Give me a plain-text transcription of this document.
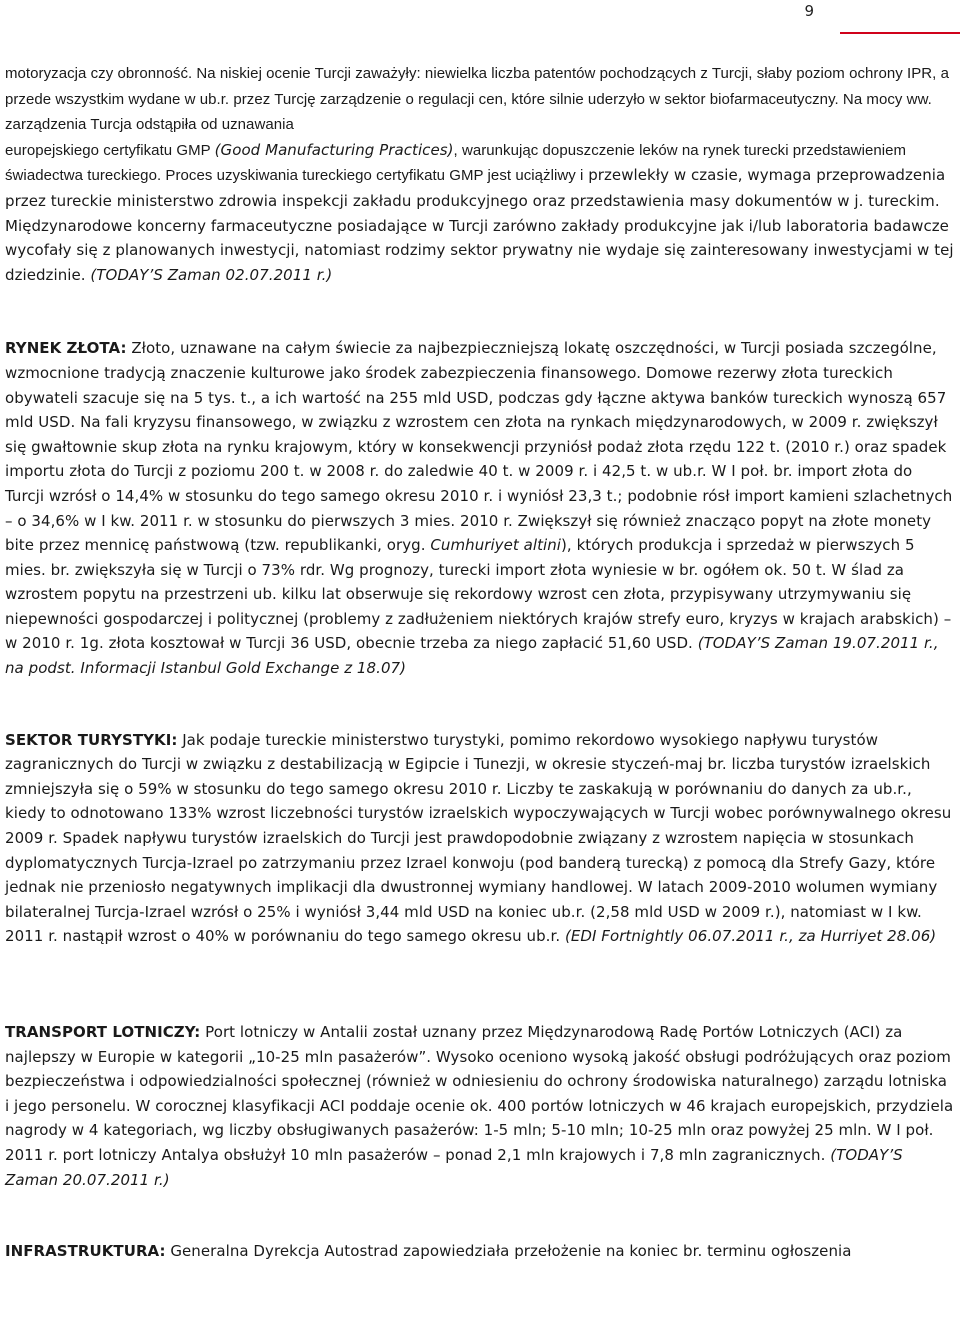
9

motoryzacja czy obronność. Na niskiej ocenie Turcji zaważyły: niewielka liczba patentów pochodzących z Turcji, słaby poziom ochrony IPR, a przede wszystkim wydane w ub.r. przez Turcję zarządzenie o regulacji cen, które silnie uderzyło w sektor biofarmaceutyczny. Na mocy ww. zarządzenia Turcja odstąpiła od uznawania
europejskiego certyfikatu GMP (Good Manufacturing Practices), warunkując dopuszczenie leków na rynek turecki przedstawieniem świadectwa tureckiego. Proces uzyskiwania tureckiego certyfikatu GMP jest uciążliwy i przewlekły w czasie, wymaga przeprowadzenia przez tureckie ministerstwo zdrowia inspekcji zakładu produkcyjnego oraz przedstawienia masy dokumentów w j. tureckim. Międzynarodowe koncerny farmaceutyczne posiadające w Turcji zarówno zakłady produkcyjne jak i/lub laboratoria badawcze wycofały się z planowanych inwestycji, natomiast rodzimy sektor prywatny nie wydaje się zainteresowany inwestycjami w tej dziedzinie. (TODAY’S Zaman 02.07.2011 r.)

RYNEK ZŁOTA: Złoto, uznawane na całym świecie za najbezpieczniejszą lokatę oszczędności, w Turcji posiada szczególne, wzmocnione tradycją znaczenie kulturowe jako środek zabezpieczenia finansowego. Domowe rezerwy złota tureckich obywateli szacuje się na 5 tys. t., a ich wartość na 255 mld USD, podczas gdy łączne aktywa banków tureckich wynoszą 657 mld USD. Na fali kryzysu finansowego, w związku z wzrostem cen złota na rynkach międzynarodowych, w 2009 r. zwiększył się gwałtownie skup złota na rynku krajowym, który w konsekwencji przyniósł podaż złota rzędu 122 t. (2010 r.) oraz spadek importu złota do Turcji z poziomu 200 t. w 2008 r. do zaledwie 40 t. w 2009 r. i 42,5 t. w ub.r. W I poł. br. import złota do Turcji wzrósł o 14,4% w stosunku do tego samego okresu 2010 r. i wyniósł 23,3 t.; podobnie rósł import kamieni szlachetnych – o 34,6% w I kw. 2011 r. w stosunku do pierwszych 3 mies. 2010 r. Zwiększył się również znacząco popyt na złote monety bite przez mennicę państwową (tzw. republikanki, oryg. Cumhuriyet altini), których produkcja i sprzedaż w pierwszych 5 mies. br. zwiększyła się w Turcji o 73% rdr. Wg prognozy, turecki import złota wyniesie w br. ogółem ok. 50 t. W ślad za wzrostem popytu na przestrzeni ub. kilku lat obserwuje się rekordowy wzrost cen złota, przypisywany utrzymywaniu się niepewności gospodarczej i politycznej (problemy z zadłużeniem niektórych krajów strefy euro, kryzys w krajach arabskich) – w 2010 r. 1g. złota kosztował w Turcji 36 USD, obecnie trzeba za niego zapłacić 51,60 USD. (TODAY’S Zaman 19.07.2011 r., na podst. Informacji Istanbul Gold Exchange z 18.07)

SEKTOR TURYSTYKI: Jak podaje tureckie ministerstwo turystyki, pomimo rekordowo wysokiego napływu turystów zagranicznych do Turcji w związku z destabilizacją w Egipcie i Tunezji, w okresie styczeń-maj br. liczba turystów izraelskich zmniejszyła się o 59% w stosunku do tego samego okresu 2010 r. Liczby te zaskakują w porównaniu do danych za ub.r., kiedy to odnotowano 133% wzrost liczebności turystów izraelskich wypoczywających w Turcji wobec porównywalnego okresu 2009 r. Spadek napływu turystów izraelskich do Turcji jest prawdopodobnie związany z wzrostem napięcia w stosunkach dyplomatycznych Turcja-Izrael po zatrzymaniu przez Izrael konwoju (pod banderą turecką) z pomocą dla Strefy Gazy, które jednak nie przeniosło negatywnych implikacji dla dwustronnej wymiany handlowej. W latach 2009-2010 wolumen wymiany bilateralnej Turcja-Izrael wzrósł o 25% i wyniósł 3,44 mld USD na koniec ub.r. (2,58 mld USD w 2009 r.), natomiast w I kw. 2011 r. nastąpił wzrost o 40% w porównaniu do tego samego okresu ub.r. (EDI Fortnightly 06.07.2011 r., za Hurriyet 28.06)

TRANSPORT LOTNICZY: Port lotniczy w Antalii został uznany przez Międzynarodową Radę Portów Lotniczych (ACI) za najlepszy w Europie w kategorii „10-25 mln pasażerów”. Wysoko oceniono wysoką jakość obsługi podróżujących oraz poziom bezpieczeństwa i odpowiedzialności społecznej (również w odniesieniu do ochrony środowiska naturalnego) zarządu lotniska i jego personelu. W corocznej klasyfikacji ACI poddaje ocenie ok. 400 portów lotniczych w 46 krajach europejskich, przydziela nagrody w 4 kategoriach, wg liczby obsługiwanych pasażerów: 1-5 mln; 5-10 mln; 10-25 mln oraz powyżej 25 mln. W I poł. 2011 r. port lotniczy Antalya obsłużył 10 mln pasażerów – ponad 2,1 mln krajowych i 7,8 mln zagranicznych. (TODAY’S Zaman 20.07.2011 r.)

INFRASTRUKTURA: Generalna Dyrekcja Autostrad zapowiedziała przełożenie na koniec br. terminu ogłoszenia
